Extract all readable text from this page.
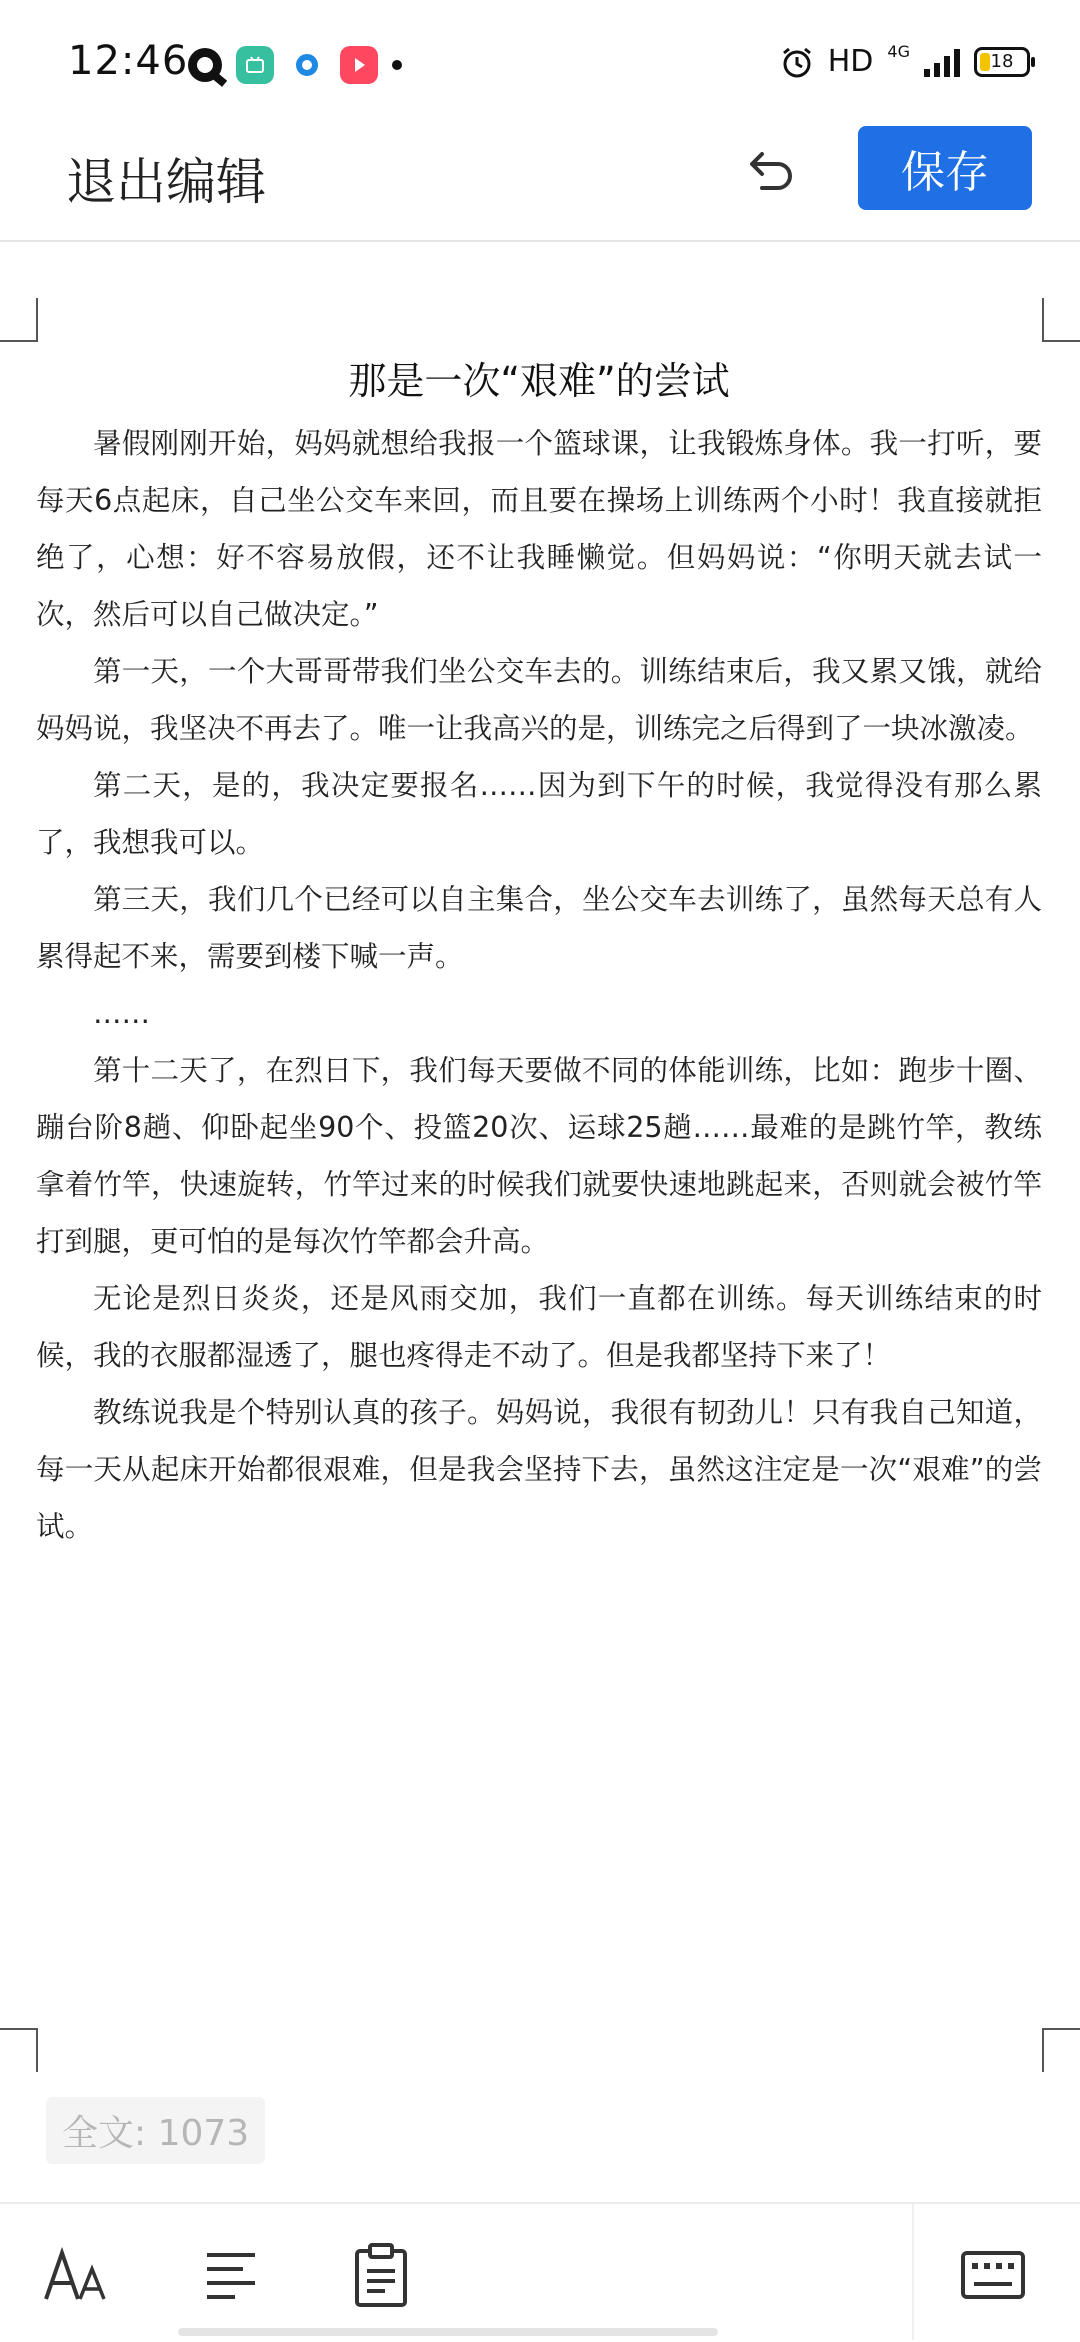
12:46	HD 4G	18
退出编辑	保存
那是一次“艰难”的尝试

暑假刚刚开始，妈妈就想给我报一个篮球课，让我锻炼身体。我一打听，要每天6点起床，自己坐公交车来回，而且要在操场上训练两个小时！我直接就拒绝了，心想：好不容易放假，还不让我睡懒觉。但妈妈说：“你明天就去试一次，然后可以自己做决定。”

第一天，一个大哥哥带我们坐公交车去的。训练结束后，我又累又饿，就给妈妈说，我坚决不再去了。唯一让我高兴的是，训练完之后得到了一块冰激凌。

第二天，是的，我决定要报名……因为到下午的时候，我觉得没有那么累了，我想我可以。

第三天，我们几个已经可以自主集合，坐公交车去训练了，虽然每天总有人累得起不来，需要到楼下喊一声。

……

第十二天了，在烈日下，我们每天要做不同的体能训练，比如：跑步十圈、蹦台阶8趟、仰卧起坐90个、投篮20次、运球25趟……最难的是跳竹竿，教练拿着竹竿，快速旋转，竹竿过来的时候我们就要快速地跳起来，否则就会被竹竿打到腿，更可怕的是每次竹竿都会升高。

无论是烈日炎炎，还是风雨交加，我们一直都在训练。每天训练结束的时候，我的衣服都湿透了，腿也疼得走不动了。但是我都坚持下来了！

教练说我是个特别认真的孩子。妈妈说，我很有韧劲儿！只有我自己知道，每一天从起床开始都很艰难，但是我会坚持下去，虽然这注定是一次“艰难”的尝试。

全文: 1073
